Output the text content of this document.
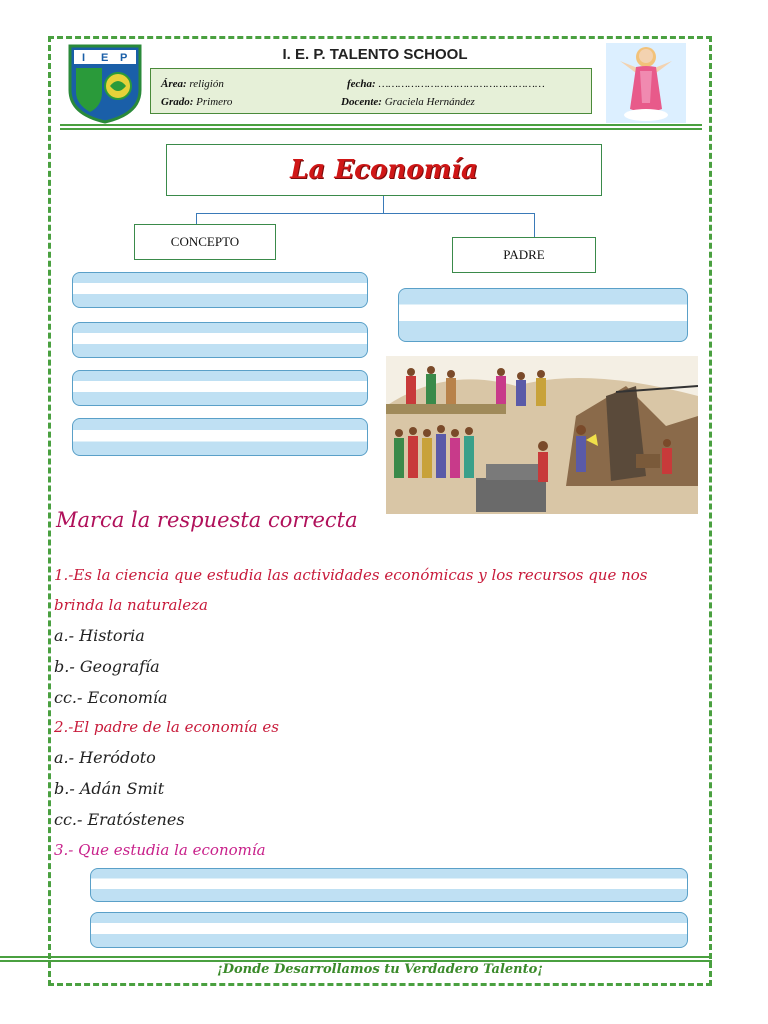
I E P	I. E. P. TALENTO SCHOOL
Área: religión	fecha: ……………………………………………
Grado: Primero	Docente: Graciela Hernández
La Economía
CONCEPTO
PADRE
Marca la respuesta correcta
1.-Es la ciencia que estudia las actividades económicas y los recursos que nos
brinda la naturaleza
a.- Historia
b.- Geografía
cc.- Economía
2.-El padre de la economía es
a.- Heródoto
b.- Adán Smit
cc.- Eratóstenes
3.- Que estudia la economía
¡Donde Desarrollamos tu Verdadero Talento¡
